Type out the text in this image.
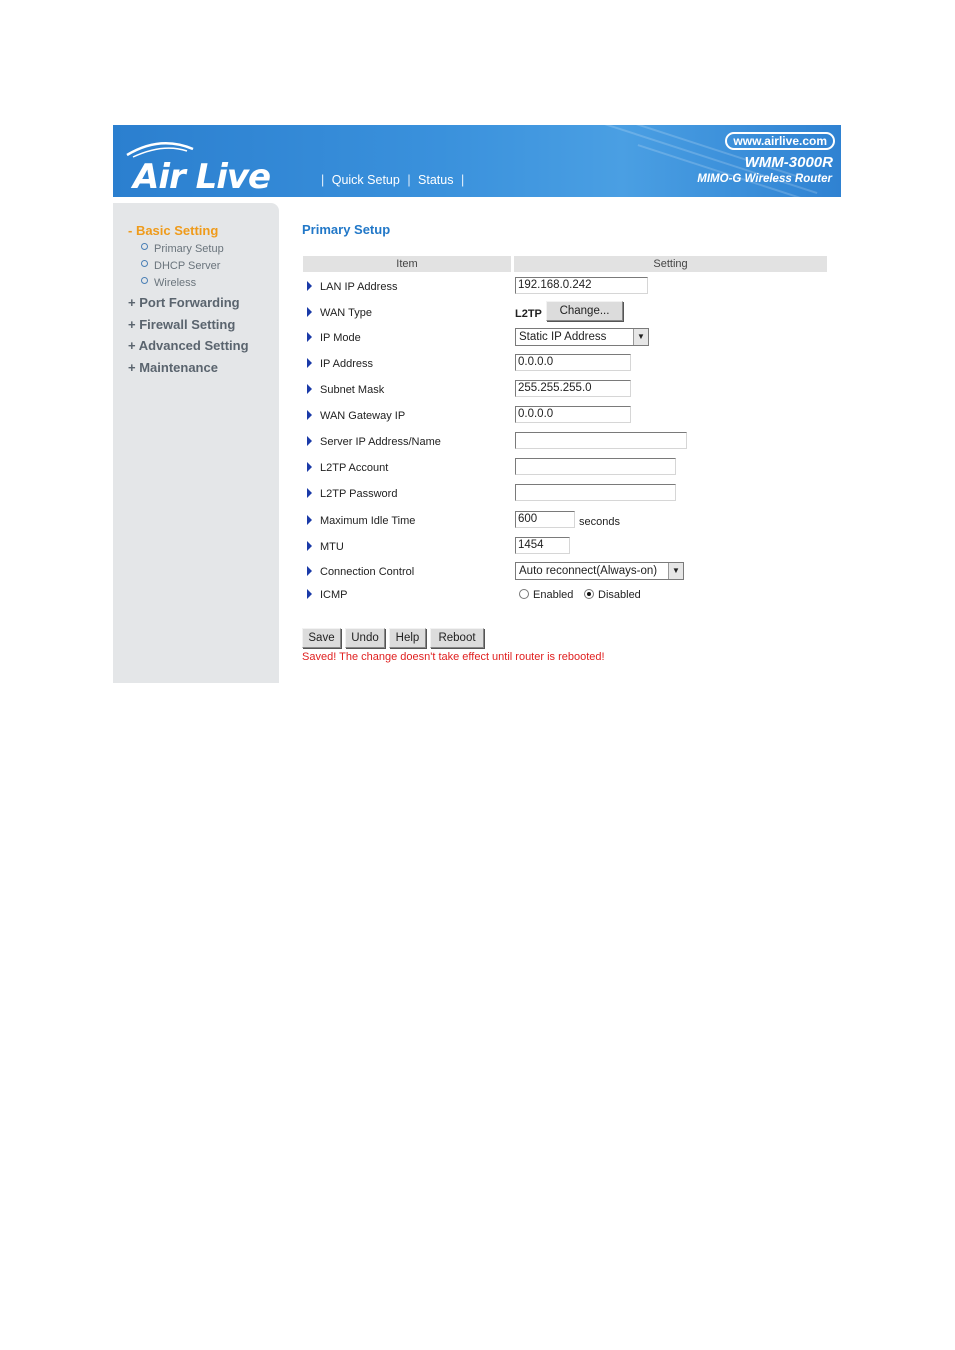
Air Live	| Quick Setup | Status |
www.airlive.com
WMM-3000R
MIMO-G Wireless Router
- Basic Setting
Primary Setup
DHCP Server
Wireless
+ Port Forwarding
+ Firewall Setting
+ Advanced Setting
+ Maintenance
Primary Setup
Item	Setting
LAN IP Address	192.168.0.242
WAN Type	L2TP	Change...
IP Mode	Static IP Address	▼
IP Address	0.0.0.0
Subnet Mask	255.255.255.0
WAN Gateway IP	0.0.0.0
Server IP Address/Name
L2TP Account
L2TP Password
Maximum Idle Time	600	seconds
MTU	1454
Connection Control	Auto reconnect(Always-on)	▼
ICMP	Enabled	Disabled
Save	Undo	Help	Reboot
Saved! The change doesn't take effect until router is rebooted!
